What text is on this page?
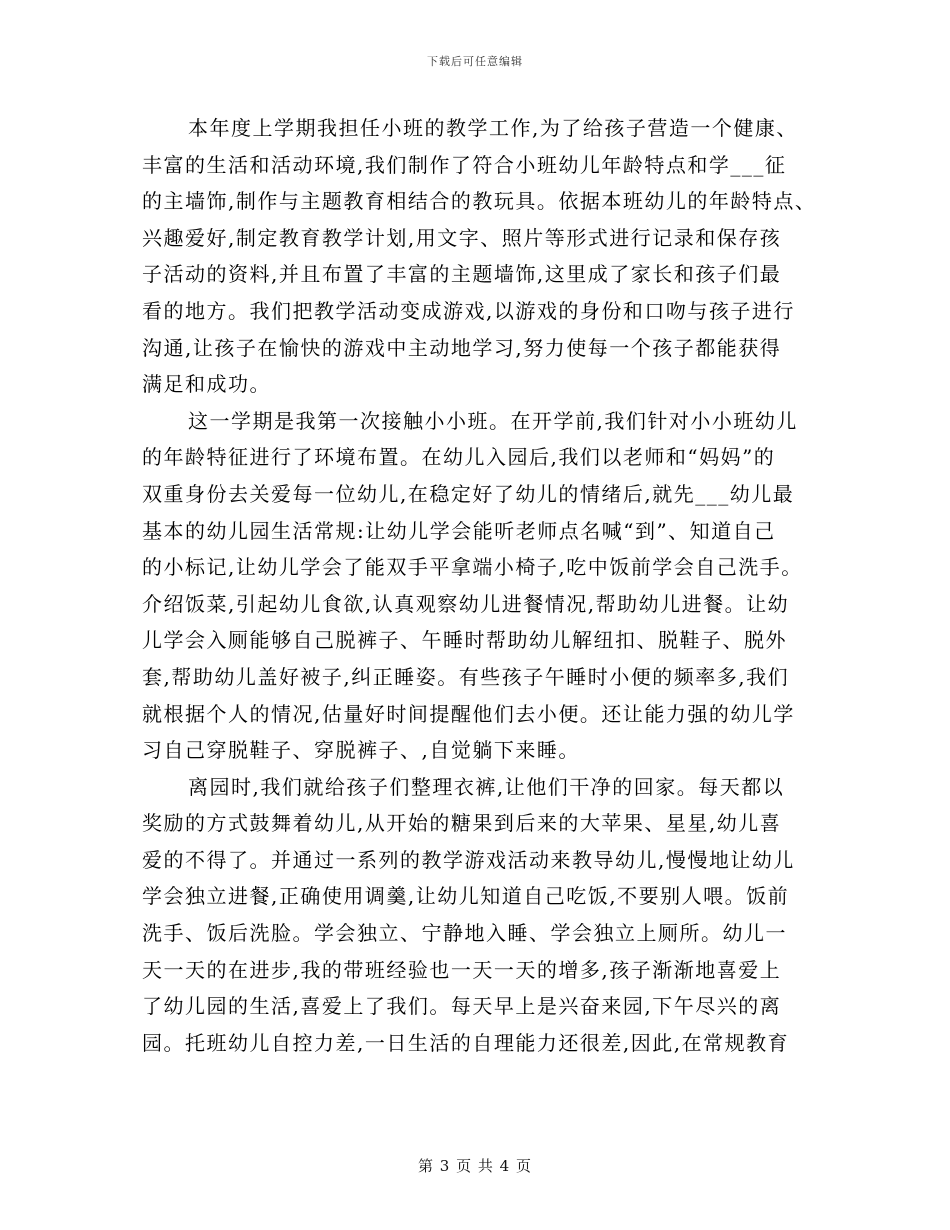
下载后可任意编辑
本年度上学期我担任小班的教学工作,为了给孩子营造一个健康、
丰富的生活和活动环境,我们制作了符合小班幼儿年龄特点和学___征
的主墙饰,制作与主题教育相结合的教玩具。依据本班幼儿的年龄特点、
兴趣爱好,制定教育教学计划,用文字、照片等形式进行记录和保存孩
子活动的资料,并且布置了丰富的主题墙饰,这里成了家长和孩子们最
看的地方。我们把教学活动变成游戏,以游戏的身份和口吻与孩子进行
沟通,让孩子在愉快的游戏中主动地学习,努力使每一个孩子都能获得
满足和成功。
这一学期是我第一次接触小小班。在开学前,我们针对小小班幼儿
的年龄特征进行了环境布置。在幼儿入园后,我们以老师和“妈妈”的
双重身份去关爱每一位幼儿,在稳定好了幼儿的情绪后,就先___幼儿最
基本的幼儿园生活常规:让幼儿学会能听老师点名喊“到”、知道自己
的小标记,让幼儿学会了能双手平拿端小椅子,吃中饭前学会自己洗手。
介绍饭菜,引起幼儿食欲,认真观察幼儿进餐情况,帮助幼儿进餐。让幼
儿学会入厕能够自己脱裤子、午睡时帮助幼儿解纽扣、脱鞋子、脱外
套,帮助幼儿盖好被子,纠正睡姿。有些孩子午睡时小便的频率多,我们
就根据个人的情况,估量好时间提醒他们去小便。还让能力强的幼儿学
习自己穿脱鞋子、穿脱裤子、,自觉躺下来睡。
离园时,我们就给孩子们整理衣裤,让他们干净的回家。每天都以
奖励的方式鼓舞着幼儿,从开始的糖果到后来的大苹果、星星,幼儿喜
爱的不得了。并通过一系列的教学游戏活动来教导幼儿,慢慢地让幼儿
学会独立进餐,正确使用调羹,让幼儿知道自己吃饭,不要别人喂。饭前
洗手、饭后洗脸。学会独立、宁静地入睡、学会独立上厕所。幼儿一
天一天的在进步,我的带班经验也一天一天的增多,孩子渐渐地喜爱上
了幼儿园的生活,喜爱上了我们。每天早上是兴奋来园,下午尽兴的离
园。托班幼儿自控力差,一日生活的自理能力还很差,因此,在常规教育
第 3 页 共 4 页
